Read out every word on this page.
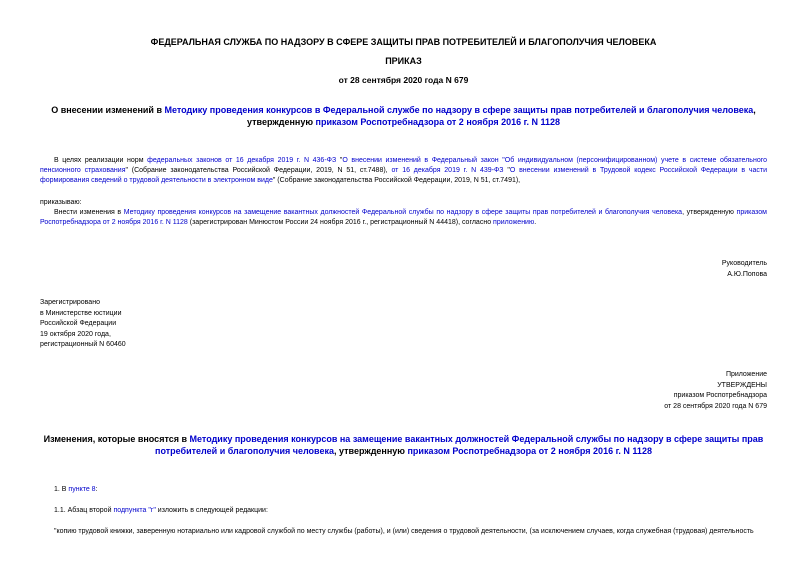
ФЕДЕРАЛЬНАЯ СЛУЖБА ПО НАДЗОРУ В СФЕРЕ ЗАЩИТЫ ПРАВ ПОТРЕБИТЕЛЕЙ И БЛАГОПОЛУЧИЯ ЧЕЛОВЕКА
ПРИКАЗ
от 28 сентября 2020 года N 679
О внесении изменений в Методику проведения конкурсов в Федеральной службе по надзору в сфере защиты прав потребителей и благополучия человека, утвержденную приказом Роспотребнадзора от 2 ноября 2016 г. N 1128
В целях реализации норм федеральных законов от 16 декабря 2019 г. N 436-ФЗ "О внесении изменений в Федеральный закон "Об индивидуальном (персонифицированном) учете в системе обязательного пенсионного страхования" (Собрание законодательства Российской Федерации, 2019, N 51, ст.7488), от 16 декабря 2019 г. N 439-ФЗ "О внесении изменений в Трудовой кодекс Российской Федерации в части формирования сведений о трудовой деятельности в электронном виде" (Собрание законодательства Российской Федерации, 2019, N 51, ст.7491),
приказываю:
Внести изменения в Методику проведения конкурсов на замещение вакантных должностей Федеральной службы по надзору в сфере защиты прав потребителей и благополучия человека, утвержденную приказом Роспотребнадзора от 2 ноября 2016 г. N 1128 (зарегистрирован Минюстом России 24 ноября 2016 г., регистрационный N 44418), согласно приложению.
Руководитель
А.Ю.Попова
Зарегистрировано
в Министерстве юстиции
Российской Федерации
19 октября 2020 года,
регистрационный N 60460
Приложение
УТВЕРЖДЕНЫ
приказом Роспотребнадзора
от 28 сентября 2020 года N 679
Изменения, которые вносятся в Методику проведения конкурсов на замещение вакантных должностей Федеральной службы по надзору в сфере защиты прав потребителей и благополучия человека, утвержденную приказом Роспотребнадзора от 2 ноября 2016 г. N 1128
1. В пункте 8:
1.1. Абзац второй подпункта "г" изложить в следующей редакции:
"копию трудовой книжки, заверенную нотариально или кадровой службой по месту службы (работы), и (или) сведения о трудовой деятельности, (за исключением случаев, когда служебная (трудовая) деятельность
